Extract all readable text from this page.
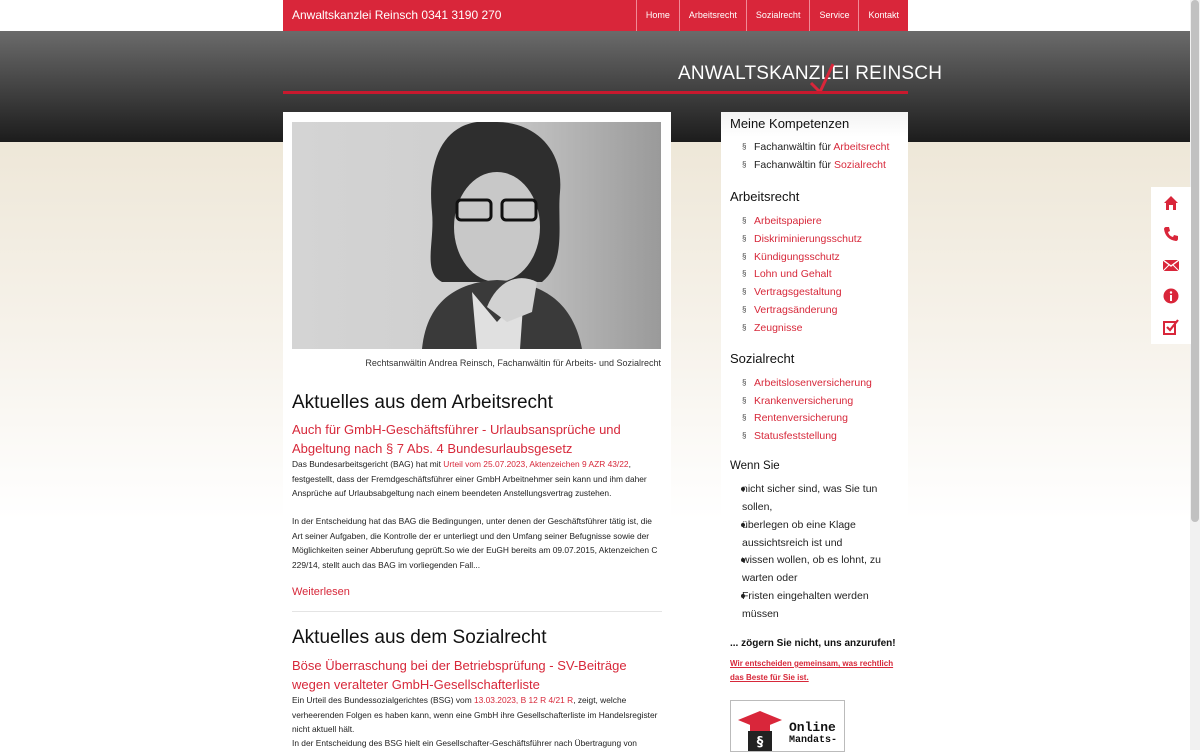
Anwaltskanzlei Reinsch 0341 3190 270	Home	Arbeitsrecht	Sozialrecht	Service	Kontakt
ANWALTSKANZLEI REINSCH
Rechtsanwältin Andrea Reinsch, Fachanwältin für Arbeits- und Sozialrecht
Aktuelles aus dem Arbeitsrecht
Auch für GmbH-Geschäftsführer - Urlaubsansprüche und Abgeltung nach § 7 Abs. 4 Bundesurlaubsgesetz
Das Bundesarbeitsgericht (BAG) hat mit Urteil vom 25.07.2023, Aktenzeichen 9 AZR 43/22, festgestellt, dass der Fremdgeschäftsführer einer GmbH Arbeitnehmer sein kann und ihm daher Ansprüche auf Urlaubsabgeltung nach einem beendeten Anstellungsvertrag zustehen.
In der Entscheidung hat das BAG die Bedingungen, unter denen der Geschäftsführer tätig ist, die Art seiner Aufgaben, die Kontrolle der er unterliegt und den Umfang seiner Befugnisse sowie der Möglichkeiten seiner Abberufung geprüft.So wie der EuGH bereits am 09.07.2015, Aktenzeichen C 229/14, stellt auch das BAG im vorliegenden Fall...
Weiterlesen
Aktuelles aus dem Sozialrecht
Böse Überraschung bei der Betriebsprüfung - SV-Beiträge wegen veralteter GmbH-Gesellschafterliste
Ein Urteil des Bundessozialgerichtes (BSG) vom 13.03.2023, B 12 R 4/21 R, zeigt, welche verheerenden Folgen es haben kann, wenn eine GmbH ihre Gesellschafterliste im Handelsregister nicht aktuell hält.
In der Entscheidung des BSG hielt ein Gesellschafter-Geschäftsführer nach Übertragung von
Meine Kompetenzen
§ Fachanwältin für Arbeitsrecht
§ Fachanwältin für Sozialrecht
Arbeitsrecht
§ Arbeitspapiere
§ Diskriminierungsschutz
§ Kündigungsschutz
§ Lohn und Gehalt
§ Vertragsgestaltung
§ Vertragsänderung
§ Zeugnisse
Sozialrecht
§ Arbeitslosenversicherung
§ Krankenversicherung
§ Rentenversicherung
§ Statusfeststellung
Wenn Sie
nicht sicher sind, was Sie tun sollen,
überlegen ob eine Klage aussichtsreich ist und
wissen wollen, ob es lohnt, zu warten oder
Fristen eingehalten werden müssen
... zögern Sie nicht, uns anzurufen!
Wir entscheiden gemeinsam, was rechtlich das Beste für Sie ist.
§
Online
Mandats-
